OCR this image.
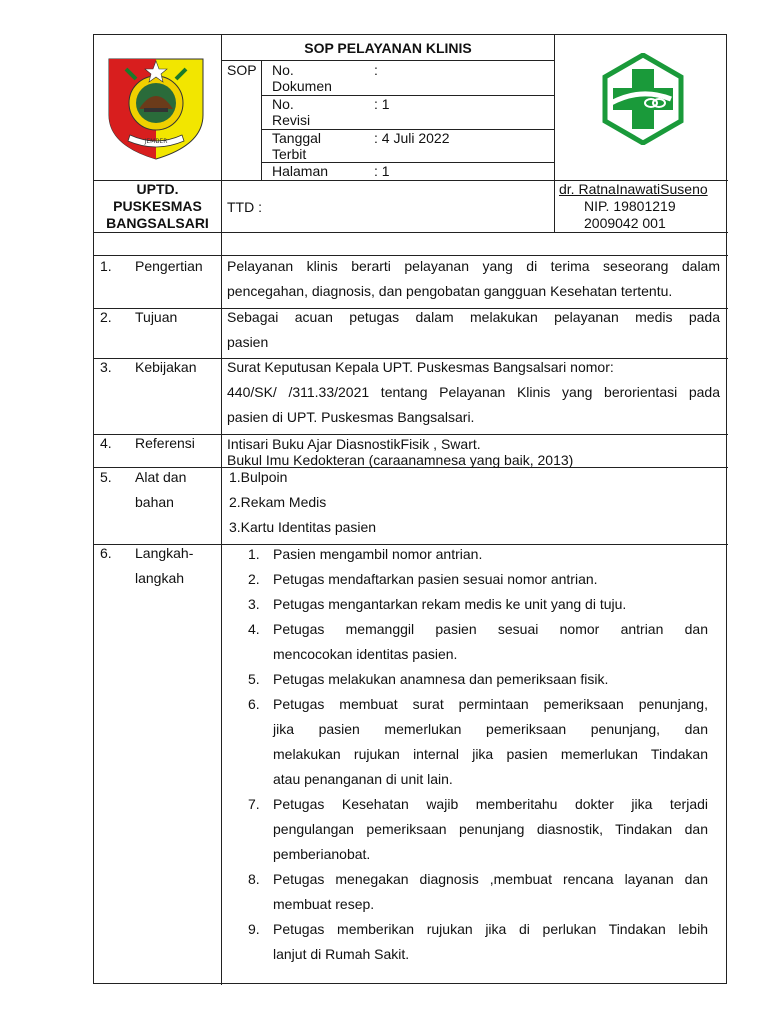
JEMBER
SOP PELAYANAN KLINIS
SOP No.
Dokumen
:
No.
Revisi
: 1
Tanggal
Terbit
: 4 Juli 2022
Halaman	: 1
UPTD.
PUSKESMAS
BANGSALSARI
TTD :
dr. RatnaInawatiSuseno
NIP. 19801219
2009042 001
1. Pengertian Pelayanan klinis berarti pelayanan yang di terima seseorang dalam
pencegahan, diagnosis, dan pengobatan gangguan Kesehatan tertentu.
2. Tujuan	Sebagai acuan petugas dalam melakukan pelayanan medis pada
pasien
3. Kebijakan Surat Keputusan Kepala UPT. Puskesmas Bangsalsari nomor:
440/SK/ /311.33/2021 tentang Pelayanan Klinis yang berorientasi pada
pasien di UPT. Puskesmas Bangsalsari.
4. Referensi Intisari Buku Ajar DiasnostikFisik , Swart.
Bukul Imu Kedokteran (caraanamnesa yang baik, 2013)
5. Alat dan
bahan
1.Bulpoin
2.Rekam Medis
3.Kartu Identitas pasien
6. Langkah-
langkah
1. Pasien mengambil nomor antrian.
2. Petugas mendaftarkan pasien sesuai nomor antrian.
3. Petugas mengantarkan rekam medis ke unit yang di tuju.
4. Petugas memanggil pasien sesuai nomor antrian dan
mencocokan identitas pasien.
5. Petugas melakukan anamnesa dan pemeriksaan fisik.
6. Petugas membuat surat permintaan pemeriksaan penunjang,
jika pasien memerlukan pemeriksaan penunjang, dan
melakukan rujukan internal jika pasien memerlukan Tindakan
atau penanganan di unit lain.
7. Petugas Kesehatan wajib memberitahu dokter jika terjadi
pengulangan pemeriksaan penunjang diasnostik, Tindakan dan
pemberianobat.
8. Petugas menegakan diagnosis ,membuat rencana layanan dan
membuat resep.
9. Petugas memberikan rujukan jika di perlukan Tindakan lebih
lanjut di Rumah Sakit.
